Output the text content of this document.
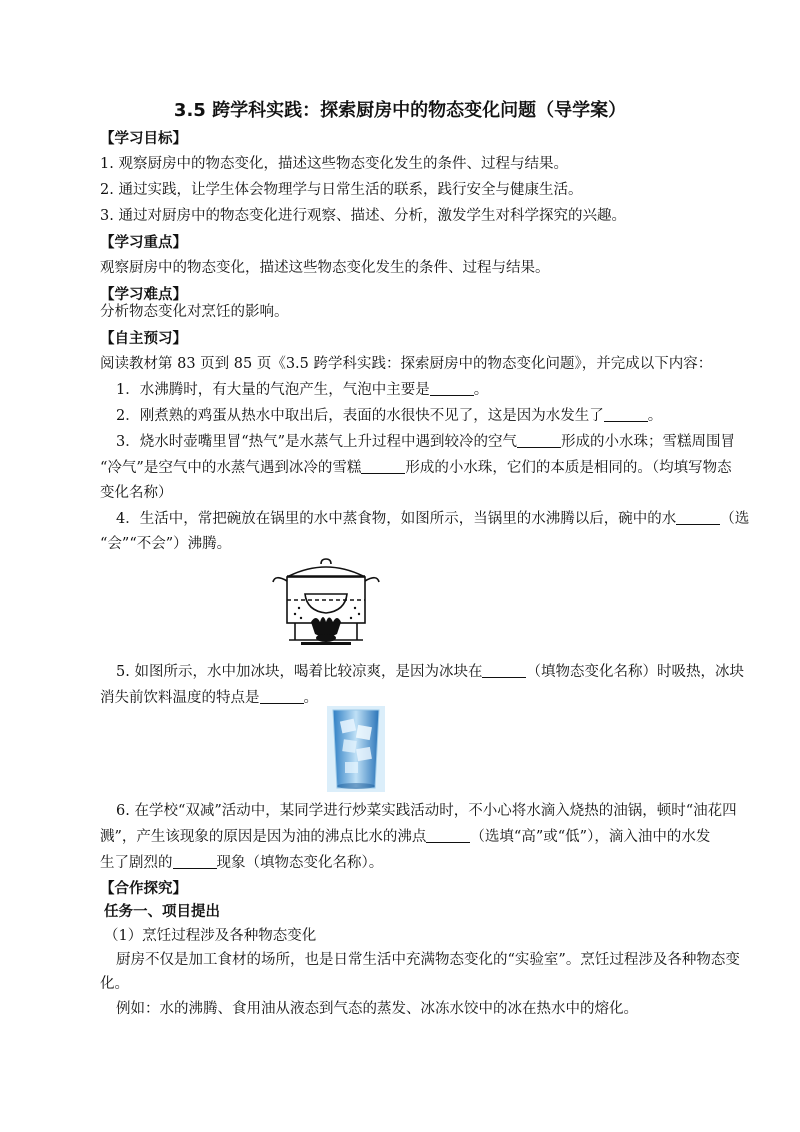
3.5 跨学科实践：探索厨房中的物态变化问题（导学案）
【学习目标】
1. 观察厨房中的物态变化，描述这些物态变化发生的条件、过程与结果。
2. 通过实践，让学生体会物理学与日常生活的联系，践行安全与健康生活。
3. 通过对厨房中的物态变化进行观察、描述、分析，激发学生对科学探究的兴趣。
【学习重点】
观察厨房中的物态变化，描述这些物态变化发生的条件、过程与结果。
【学习难点】
分析物态变化对烹饪的影响。
【自主预习】
阅读教材第 83 页到 85 页《3.5 跨学科实践：探索厨房中的物态变化问题》，并完成以下内容：
1．水沸腾时，有大量的气泡产生，气泡中主要是	。
2．刚煮熟的鸡蛋从热水中取出后，表面的水很快不见了，这是因为水发生了	。
3．烧水时壶嘴里冒“热气”是水蒸气上升过程中遇到较冷的空气	形成的小水珠；雪糕周围冒
“冷气”是空气中的水蒸气遇到冰冷的雪糕	形成的小水珠，它们的本质是相同的。（均填写物态
变化名称）
4．生活中，常把碗放在锅里的水中蒸食物，如图所示，当锅里的水沸腾以后，碗中的水	（选
“会”“不会”）沸腾。
5. 如图所示，水中加冰块，喝着比较凉爽，是因为冰块在	（填物态变化名称）时吸热，冰块
消失前饮料温度的特点是	。
6. 在学校“双减”活动中，某同学进行炒菜实践活动时，不小心将水滴入烧热的油锅，顿时“油花四
溅”，产生该现象的原因是因为油的沸点比水的沸点	（选填“高”或“低”），滴入油中的水发
生了剧烈的	现象（填物态变化名称）。
【合作探究】
任务一、项目提出
（1）烹饪过程涉及各种物态变化
厨房不仅是加工食材的场所，也是日常生活中充满物态变化的“实验室”。烹饪过程涉及各种物态变
化。
例如：水的沸腾、食用油从液态到气态的蒸发、冰冻水饺中的冰在热水中的熔化。
